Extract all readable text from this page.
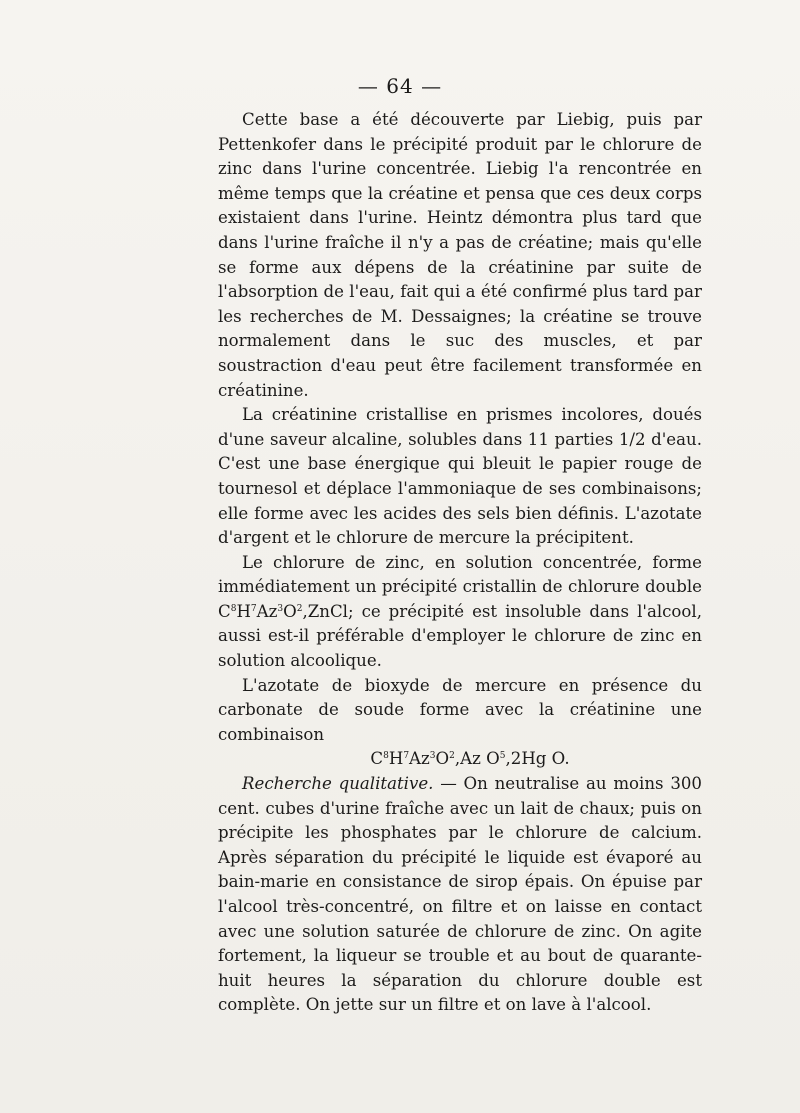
— 64 —

Cette base a été découverte par Liebig, puis par Pettenkofer dans le précipité produit par le chlorure de zinc dans l'urine concentrée. Liebig l'a rencontrée en même temps que la créatine et pensa que ces deux corps existaient dans l'urine. Heintz démontra plus tard que dans l'urine fraîche il n'y a pas de créatine; mais qu'elle se forme aux dépens de la créatinine par suite de l'absorption de l'eau, fait qui a été confirmé plus tard par les recherches de M. Dessaignes; la créatine se trouve normalement dans le suc des muscles, et par soustraction d'eau peut être facilement transformée en créatinine.

La créatinine cristallise en prismes incolores, doués d'une saveur alcaline, solubles dans 11 parties 1/2 d'eau. C'est une base énergique qui bleuit le papier rouge de tournesol et déplace l'ammoniaque de ses combinaisons; elle forme avec les acides des sels bien définis. L'azotate d'argent et le chlorure de mercure la précipitent.

Le chlorure de zinc, en solution concentrée, forme immédiatement un précipité cristallin de chlorure double $C^8H^7Az^3O^2,ZnCl$; ce précipité est insoluble dans l'alcool, aussi est-il préférable d'employer le chlorure de zinc en solution alcoolique.

L'azotate de bioxyde de mercure en présence du carbonate de soude forme avec la créatinine une combinaison

$C^8H^7Az^3O^2,Az$ $O^5,2Hg$ O.

Recherche qualitative. — On neutralise au moins 300 cent. cubes d'urine fraîche avec un lait de chaux; puis on précipite les phosphates par le chlorure de calcium. Après séparation du précipité le liquide est évaporé au bain-marie en consistance de sirop épais. On épuise par l'alcool très-concentré, on filtre et on laisse en contact avec une solution saturée de chlorure de zinc. On agite fortement, la liqueur se trouble et au bout de quarante-huit heures la séparation du chlorure double est complète. On jette sur un filtre et on lave à l'alcool.
